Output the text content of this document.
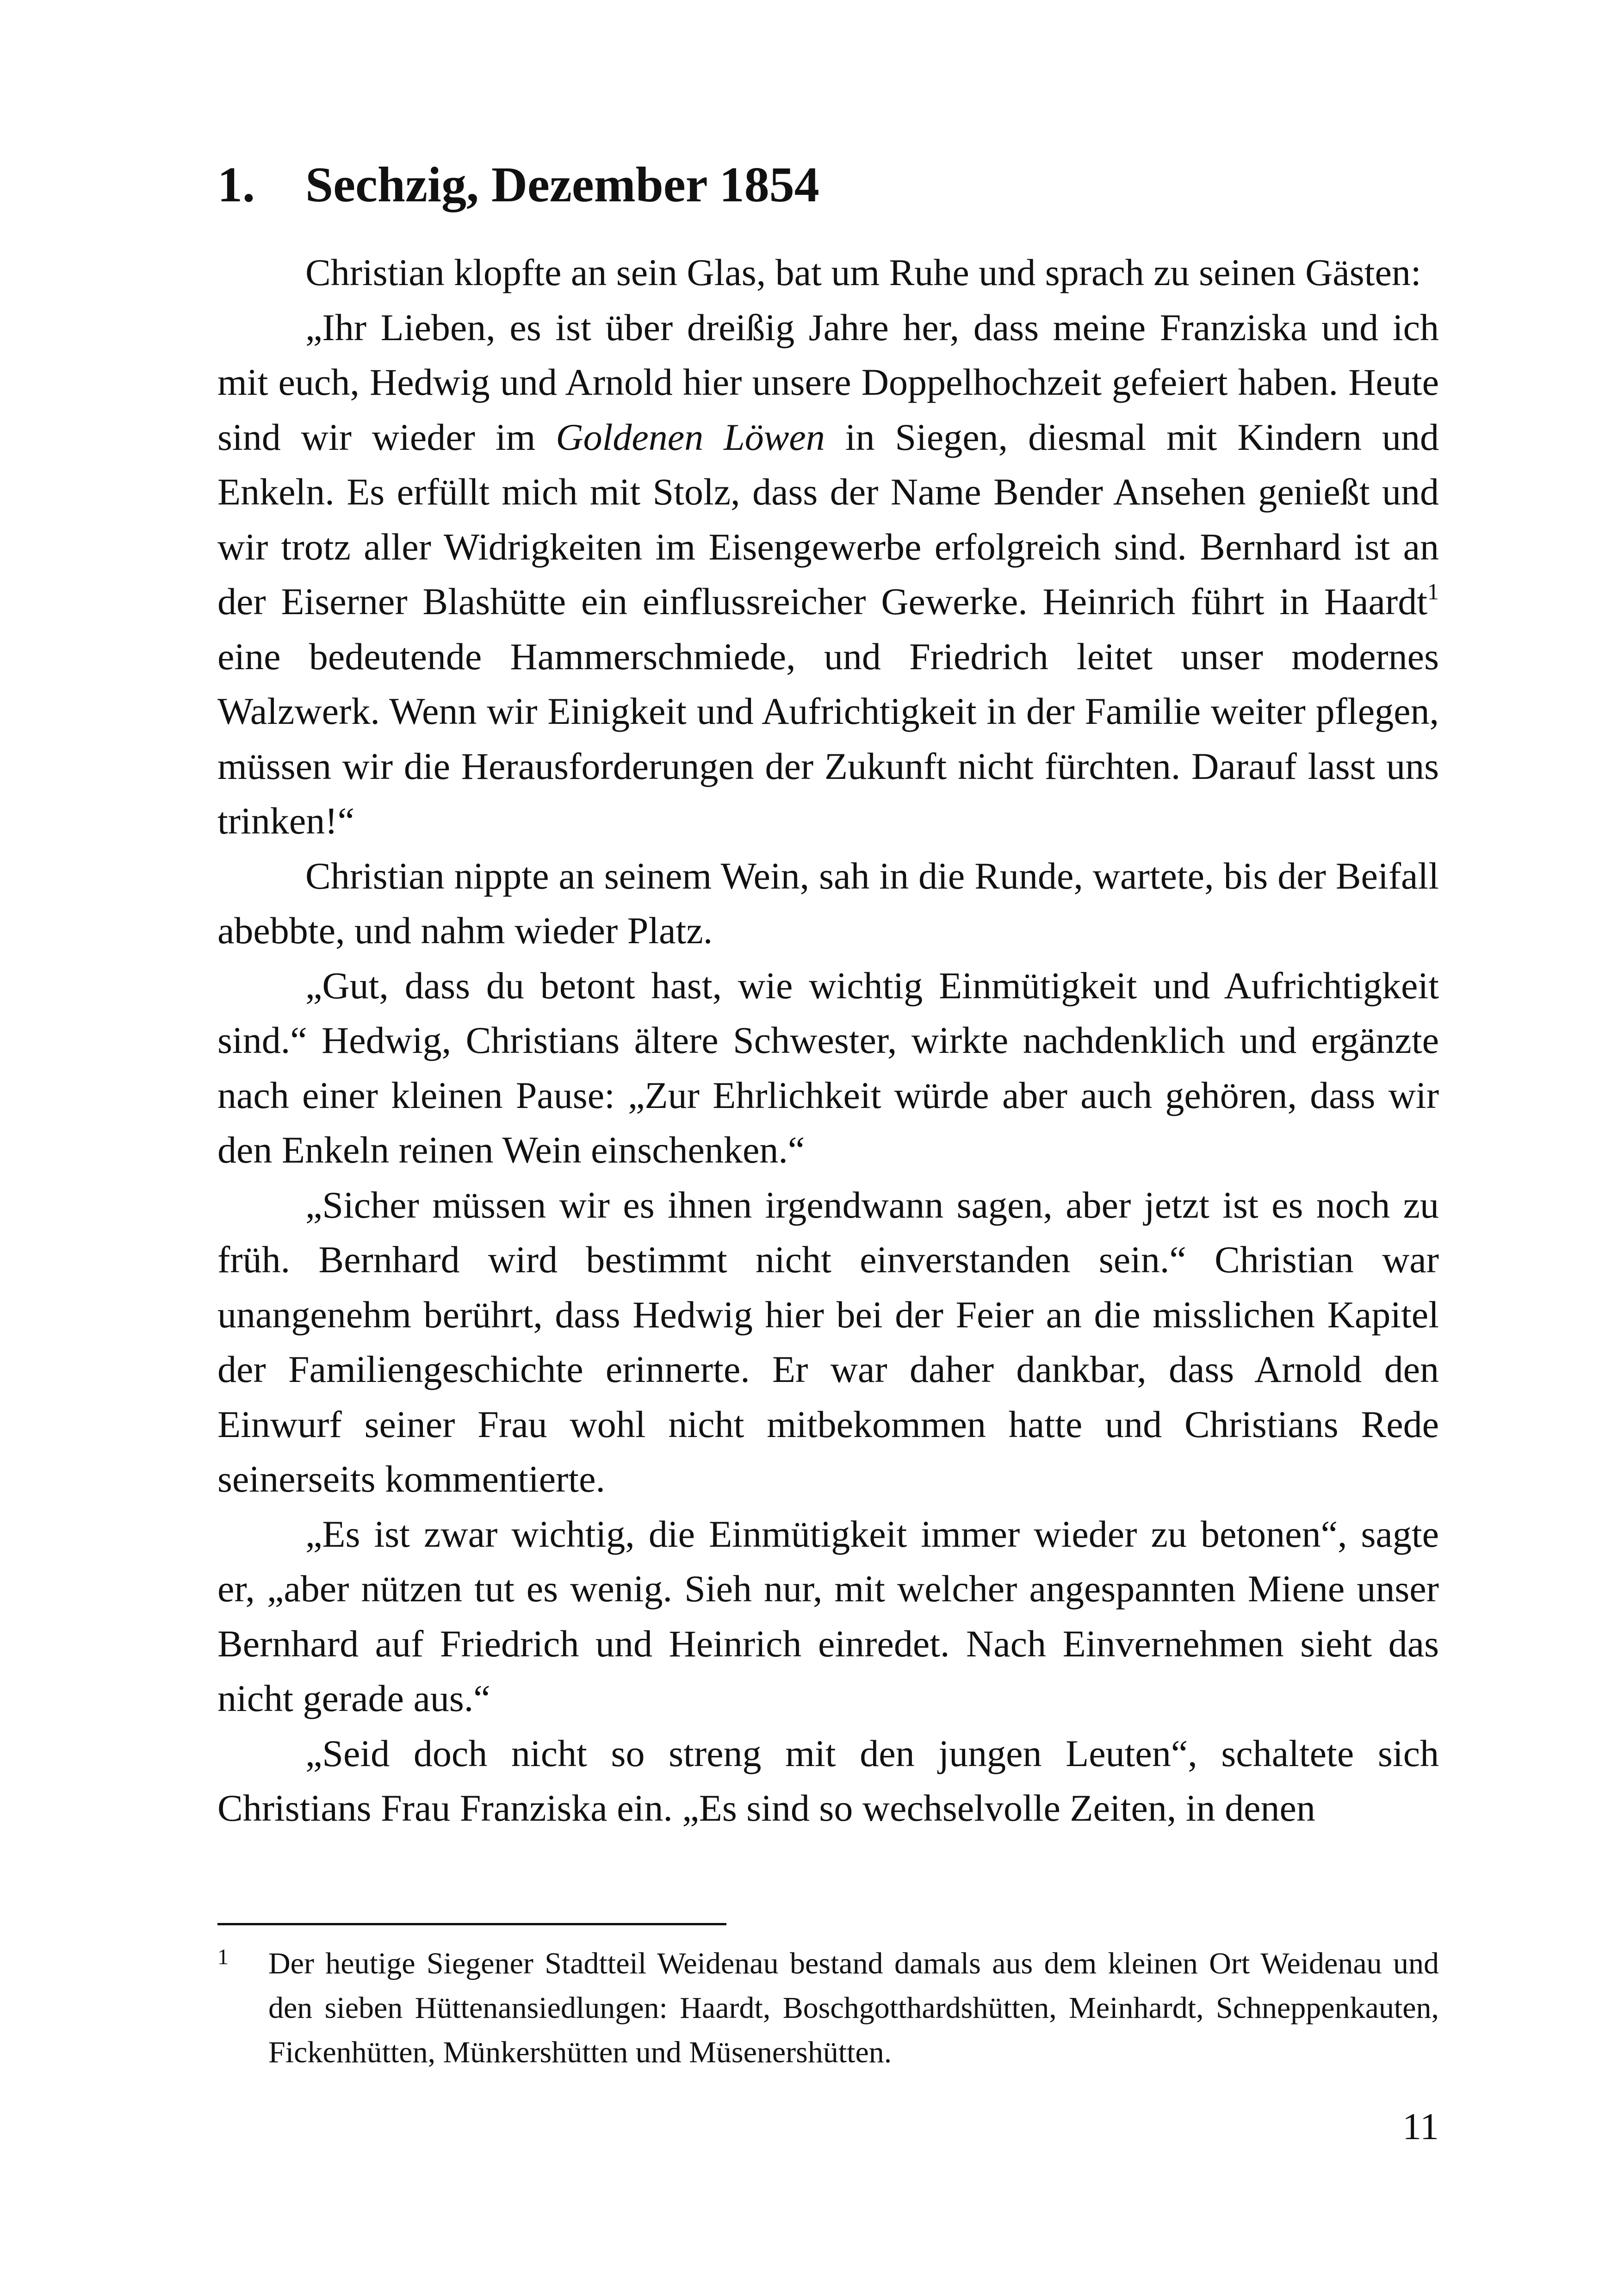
1. Sechzig, Dezember 1854

Christian klopfte an sein Glas, bat um Ruhe und sprach zu seinen Gästen:

„Ihr Lieben, es ist über dreißig Jahre her, dass meine Franziska und ich mit euch, Hedwig und Arnold hier unsere Doppelhochzeit gefeiert haben. Heute sind wir wieder im Goldenen Löwen in Siegen, diesmal mit Kindern und Enkeln. Es erfüllt mich mit Stolz, dass der Name Bender Ansehen genießt und wir trotz aller Widrigkeiten im Eisengewerbe erfolgreich sind. Bernhard ist an der Eiserner Blashütte ein einflussreicher Gewerke. Heinrich führt in Haardt$^1$ eine bedeutende Hammerschmiede, und Friedrich leitet unser modernes Walzwerk. Wenn wir Einigkeit und Aufrichtigkeit in der Familie weiter pflegen, müssen wir die Herausforderungen der Zukunft nicht fürchten. Darauf lasst uns trinken!“

Christian nippte an seinem Wein, sah in die Runde, wartete, bis der Beifall abebbte, und nahm wieder Platz.

„Gut, dass du betont hast, wie wichtig Einmütigkeit und Aufrichtigkeit sind.“ Hedwig, Christians ältere Schwester, wirkte nachdenklich und ergänzte nach einer kleinen Pause: „Zur Ehrlichkeit würde aber auch gehören, dass wir den Enkeln reinen Wein einschenken.“

„Sicher müssen wir es ihnen irgendwann sagen, aber jetzt ist es noch zu früh. Bernhard wird bestimmt nicht einverstanden sein.“ Christian war unangenehm berührt, dass Hedwig hier bei der Feier an die misslichen Kapitel der Familiengeschichte erinnerte. Er war daher dankbar, dass Arnold den Einwurf seiner Frau wohl nicht mitbekommen hatte und Christians Rede seinerseits kommentierte.

„Es ist zwar wichtig, die Einmütigkeit immer wieder zu betonen“, sagte er, „aber nützen tut es wenig. Sieh nur, mit welcher angespannten Miene unser Bernhard auf Friedrich und Heinrich einredet. Nach Einvernehmen sieht das nicht gerade aus.“

„Seid doch nicht so streng mit den jungen Leuten“, schaltete sich Christians Frau Franziska ein. „Es sind so wechselvolle Zeiten, in denen

1 Der heutige Siegener Stadtteil Weidenau bestand damals aus dem kleinen Ort Weidenau und den sieben Hüttenansiedlungen: Haardt, Boschgotthardshütten, Meinhardt, Schneppenkauten, Fickenhütten, Münkershütten und Müsenershütten.
11
